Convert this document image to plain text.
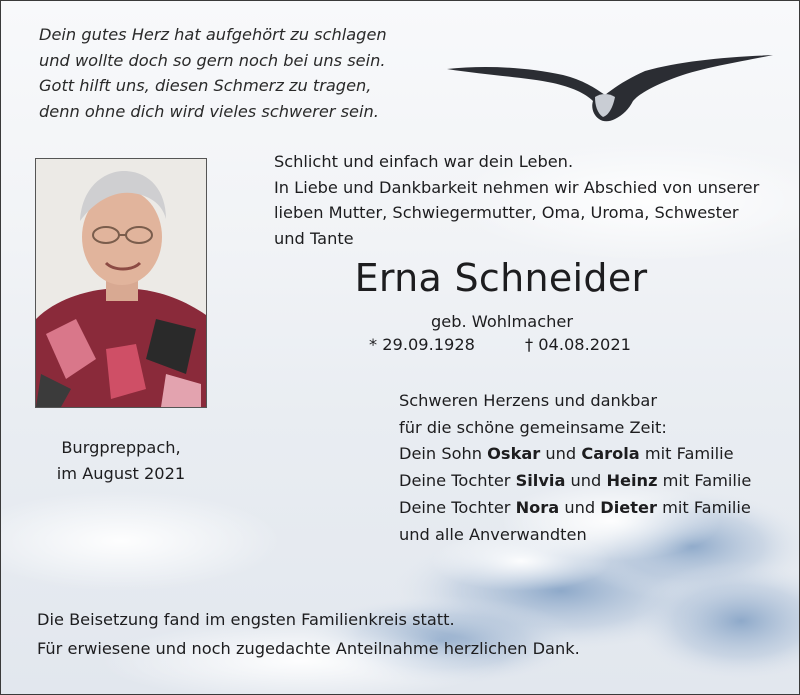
Dein gutes Herz hat aufgehört zu schlagen
und wollte doch so gern noch bei uns sein.
Gott hilft uns, diesen Schmerz zu tragen,
denn ohne dich wird vieles schwerer sein.
Schlicht und einfach war dein Leben.
In Liebe und Dankbarkeit nehmen wir Abschied von unserer
lieben Mutter, Schwiegermutter, Oma, Uroma, Schwester
und Tante
Erna Schneider
geb. Wohlmacher
* 29.09.1928	† 04.08.2021
Burgpreppach,
im August 2021
Schweren Herzens und dankbar
für die schöne gemeinsame Zeit:
Dein Sohn Oskar und Carola mit Familie
Deine Tochter Silvia und Heinz mit Familie
Deine Tochter Nora und Dieter mit Familie
und alle Anverwandten
Die Beisetzung fand im engsten Familienkreis statt.
Für erwiesene und noch zugedachte Anteilnahme herzlichen Dank.
